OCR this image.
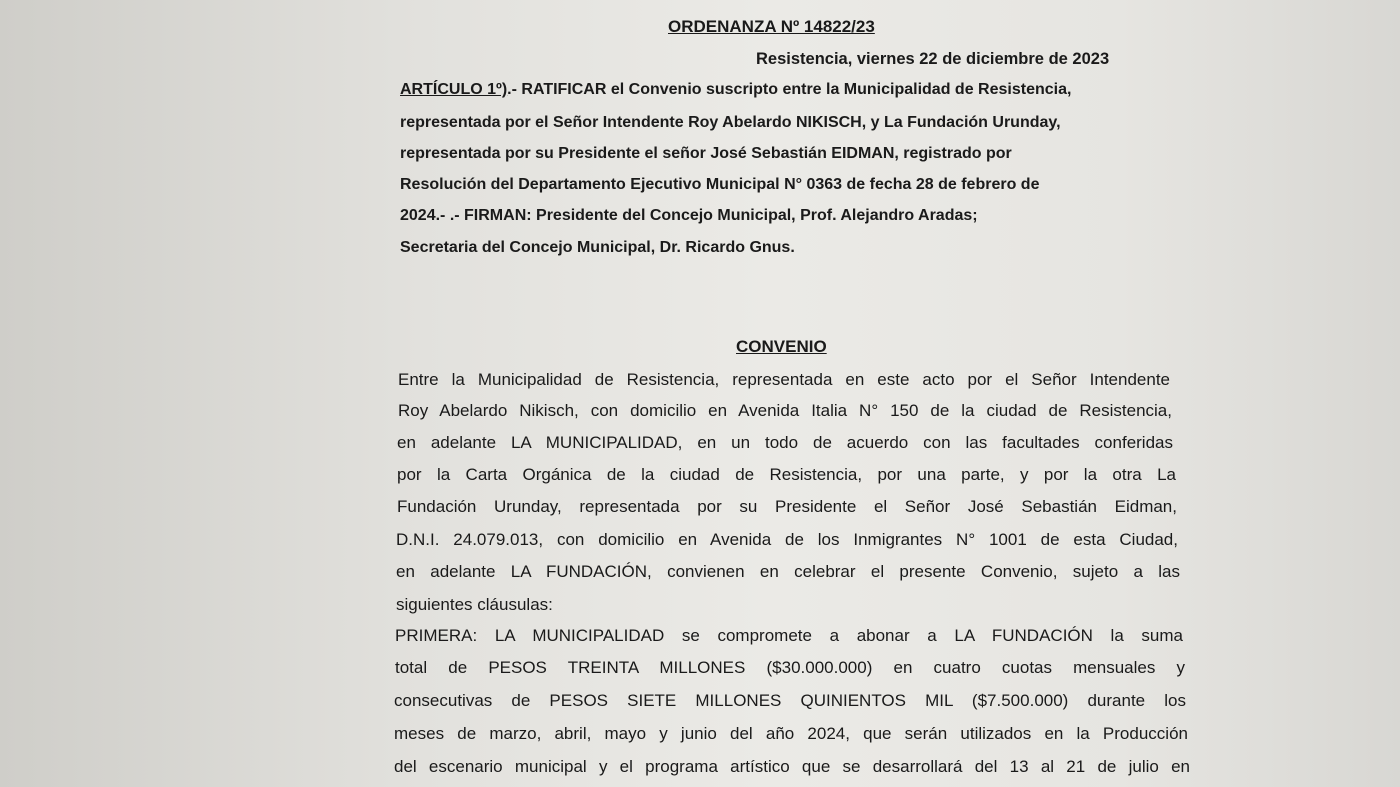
ORDENANZA Nº 14822/23
Resistencia, viernes 22 de diciembre de 2023
ARTÍCULO 1º).- RATIFICAR el Convenio suscripto entre la Municipalidad de Resistencia,
representada por el Señor Intendente Roy Abelardo NIKISCH, y La Fundación Urunday,
representada por su Presidente el señor José Sebastián EIDMAN, registrado por
Resolución del Departamento Ejecutivo Municipal N° 0363 de fecha 28 de febrero de
2024.- .- FIRMAN: Presidente del Concejo Municipal, Prof. Alejandro Aradas;
Secretaria del Concejo Municipal, Dr. Ricardo Gnus.
CONVENIO
Entre la Municipalidad de Resistencia, representada en este acto por el Señor Intendente
Roy Abelardo Nikisch, con domicilio en Avenida Italia N° 150 de la ciudad de Resistencia,
en adelante LA MUNICIPALIDAD, en un todo de acuerdo con las facultades conferidas
por la Carta Orgánica de la ciudad de Resistencia, por una parte, y por la otra La
Fundación Urunday, representada por su Presidente el Señor José Sebastián Eidman,
D.N.I. 24.079.013, con domicilio en Avenida de los Inmigrantes N° 1001 de esta Ciudad,
en adelante LA FUNDACIÓN, convienen en celebrar el presente Convenio, sujeto a las
siguientes cláusulas:
PRIMERA: LA MUNICIPALIDAD se compromete a abonar a LA FUNDACIÓN la suma
total de PESOS TREINTA MILLONES ($30.000.000) en cuatro cuotas mensuales y
consecutivas de PESOS SIETE MILLONES QUINIENTOS MIL ($7.500.000) durante los
meses de marzo, abril, mayo y junio del año 2024, que serán utilizados en la Producción
del escenario municipal y el programa artístico que se desarrollará del 13 al 21 de julio en
